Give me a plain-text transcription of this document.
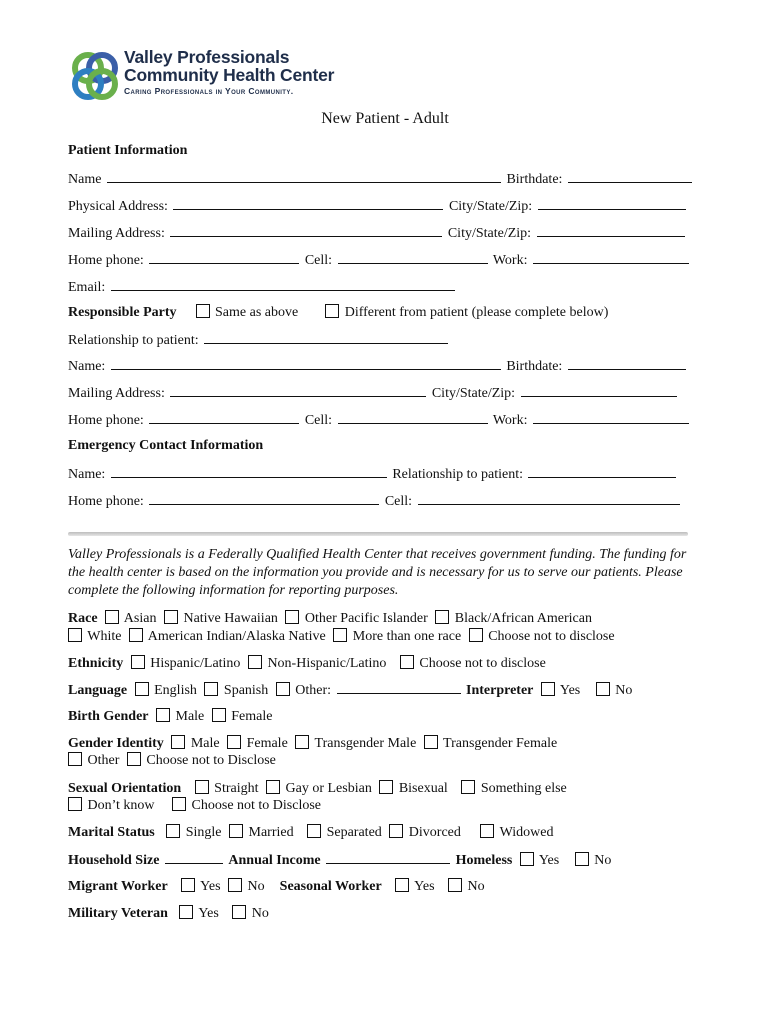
Valley Professionals
Community Health Center
Caring Professionals in Your Community.
New Patient - Adult
Patient Information
Name	Birthdate:
Physical Address:	City/State/Zip:
Mailing Address:	City/State/Zip:
Home phone:	Cell:	Work:
Email:
Responsible Party	Same as above	Different from patient (please complete below)
Relationship to patient:
Name:	Birthdate:
Mailing Address:	City/State/Zip:
Home phone:	Cell:	Work:
Emergency Contact Information
Name:	Relationship to patient:
Home phone:	Cell:
Valley Professionals is a Federally Qualified Health Center that receives government funding. The funding for the health center is based on the information you provide and is necessary for us to serve our patients. Please complete the following information for reporting purposes.
Race Asian Native Hawaiian Other Pacific Islander Black/African American
White American Indian/Alaska Native More than one race Choose not to disclose
Ethnicity Hispanic/Latino Non-Hispanic/Latino Choose not to disclose
Language English Spanish Other:	Interpreter Yes	No
Birth Gender Male Female
Gender Identity Male Female Transgender Male Transgender Female
Other Choose not to Disclose
Sexual Orientation Straight Gay or Lesbian Bisexual Something else
Don’t know	Choose not to Disclose
Marital Status Single Married Separated Divorced	Widowed
Household Size	Annual Income	Homeless Yes	No
Migrant Worker Yes No Seasonal Worker Yes No
Military Veteran Yes No
